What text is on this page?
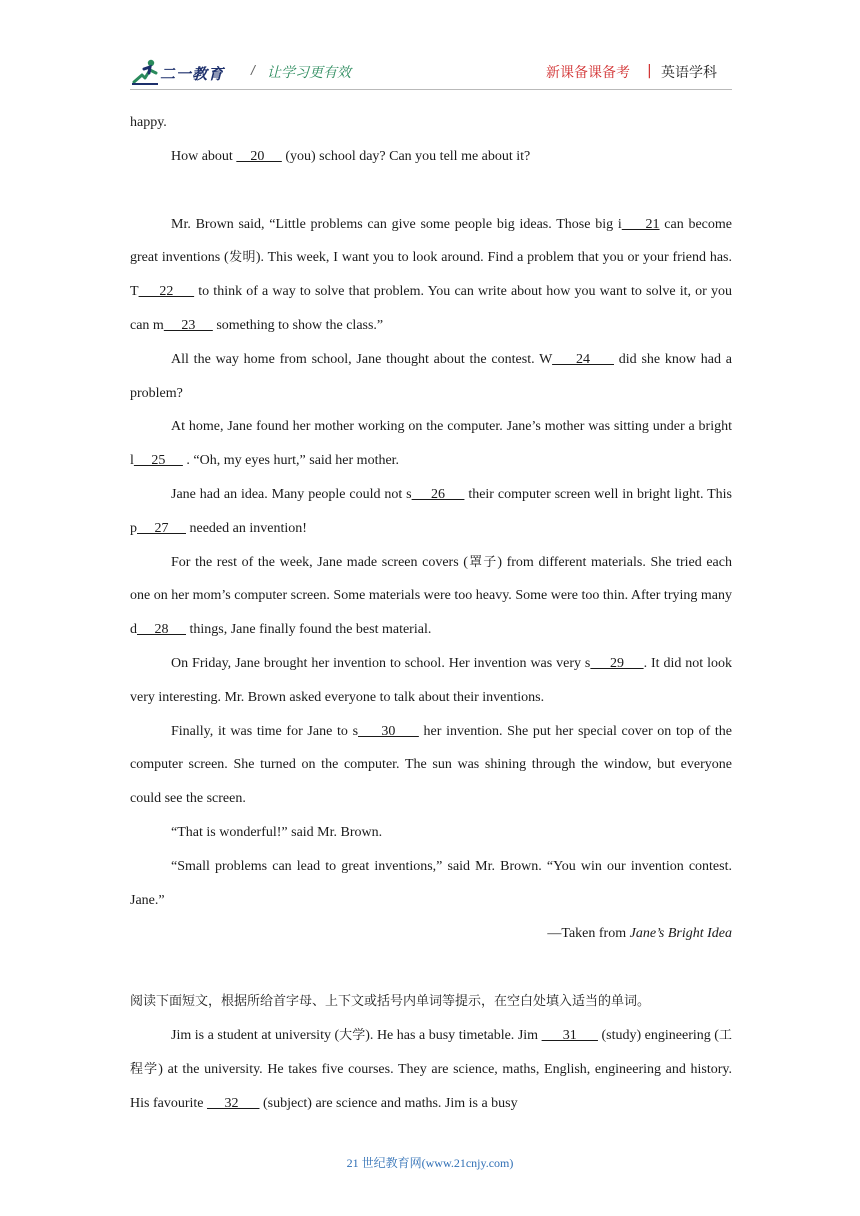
二一教育 / 让学习更有效	新课备课备考 | 英语学科

happy.

How about     20      (you) school day? Can you tell me about it?

Mr. Brown said, “Little problems can give some people big ideas. Those big i     21 can become great inventions (发明). This week, I want you to look around. Find a problem that you or your friend has. T     22      to think of a way to solve that problem. You can write about how you want to solve it, or you can m     23      something to show the class.”

All the way home from school, Jane thought about the contest. W     24      did she know had a problem?

At home, Jane found her mother working on the computer. Jane’s mother was sitting under a bright l     25      . “Oh, my eyes hurt,” said her mother.

Jane had an idea. Many people could not s     26      their computer screen well in bright light. This p     27      needed an invention!

For the rest of the week, Jane made screen covers (罩子) from different materials. She tried each one on her mom’s computer screen. Some materials were too heavy. Some were too thin. After trying many d     28      things, Jane finally found the best material.

On Friday, Jane brought her invention to school. Her invention was very s     29     . It did not look very interesting. Mr. Brown asked everyone to talk about their inventions.

Finally, it was time for Jane to s     30      her invention. She put her special cover on top of the computer screen. She turned on the computer. The sun was shining through the window, but everyone could see the screen.

“That is wonderful!” said Mr. Brown.

“Small problems can lead to great inventions,” said Mr. Brown. “You win our invention contest. Jane.”

—Taken from Jane’s Bright Idea

阅读下面短文，根据所给首字母、上下文或括号内单词等提示，在空白处填入适当的单词。

Jim is a student at university (大学). He has a busy timetable. Jim       31       (study) engineering (工程学) at the university. He takes five courses. They are science, maths, English, engineering and history. His favourite      32       (subject) are science and maths. Jim is a busy

21 世纪教育网(www.21cnjy.com)
